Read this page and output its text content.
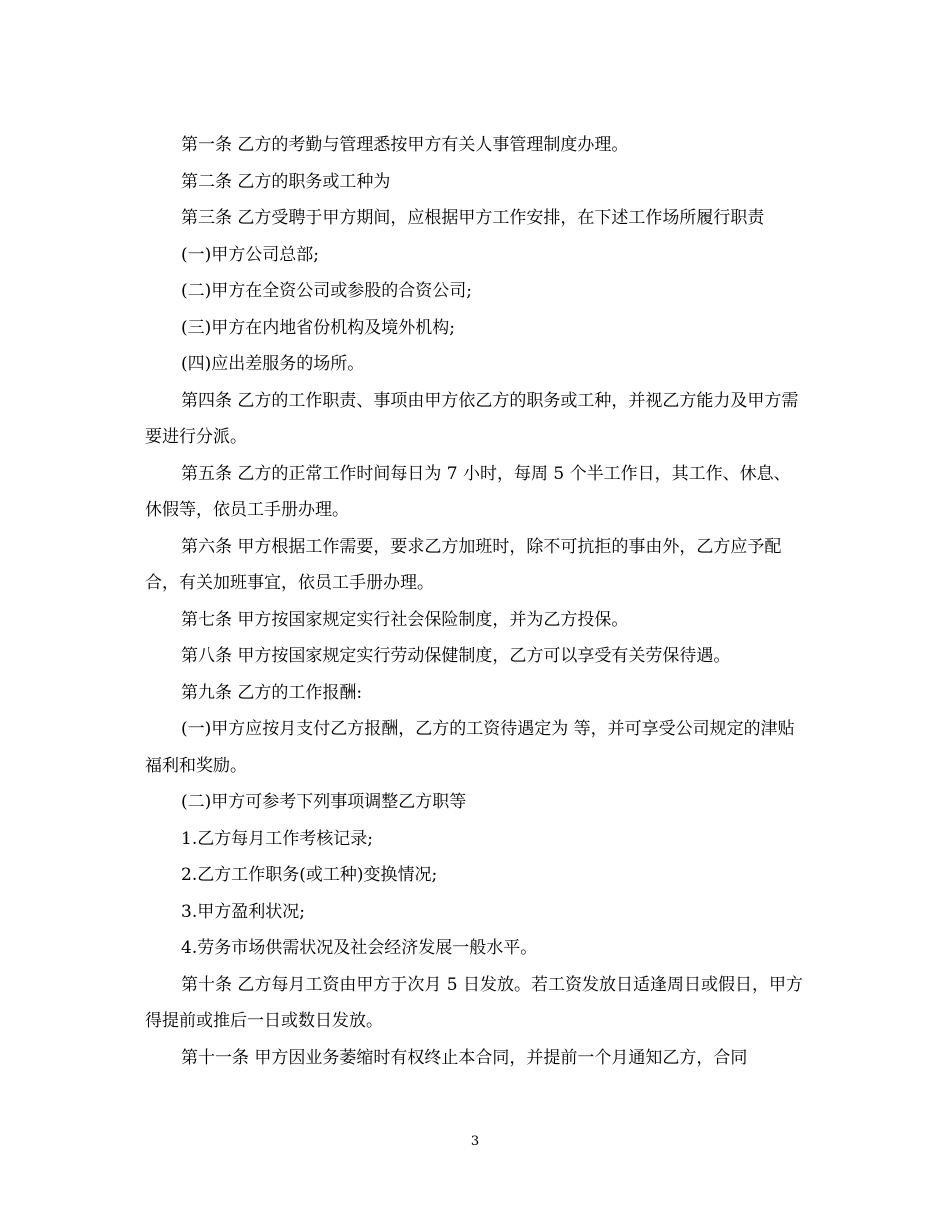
第一条 乙方的考勤与管理悉按甲方有关人事管理制度办理。

第二条 乙方的职务或工种为

第三条 乙方受聘于甲方期间，应根据甲方工作安排，在下述工作场所履行职责

(一)甲方公司总部;

(二)甲方在全资公司或参股的合资公司;

(三)甲方在内地省份机构及境外机构;

(四)应出差服务的场所。

第四条 乙方的工作职责、事项由甲方依乙方的职务或工种，并视乙方能力及甲方需要进行分派。

第五条 乙方的正常工作时间每日为 7 小时，每周 5 个半工作日，其工作、休息、休假等，依员工手册办理。

第六条 甲方根据工作需要，要求乙方加班时，除不可抗拒的事由外，乙方应予配合，有关加班事宜，依员工手册办理。

第七条 甲方按国家规定实行社会保险制度，并为乙方投保。

第八条 甲方按国家规定实行劳动保健制度，乙方可以享受有关劳保待遇。

第九条 乙方的工作报酬:

(一)甲方应按月支付乙方报酬，乙方的工资待遇定为 等，并可享受公司规定的津贴福利和奖励。

(二)甲方可参考下列事项调整乙方职等

1.乙方每月工作考核记录;

2.乙方工作职务(或工种)变换情况;

3.甲方盈利状况;

4.劳务市场供需状况及社会经济发展一般水平。

第十条 乙方每月工资由甲方于次月 5 日发放。若工资发放日适逢周日或假日，甲方得提前或推后一日或数日发放。

第十一条 甲方因业务萎缩时有权终止本合同，并提前一个月通知乙方，合同

3
